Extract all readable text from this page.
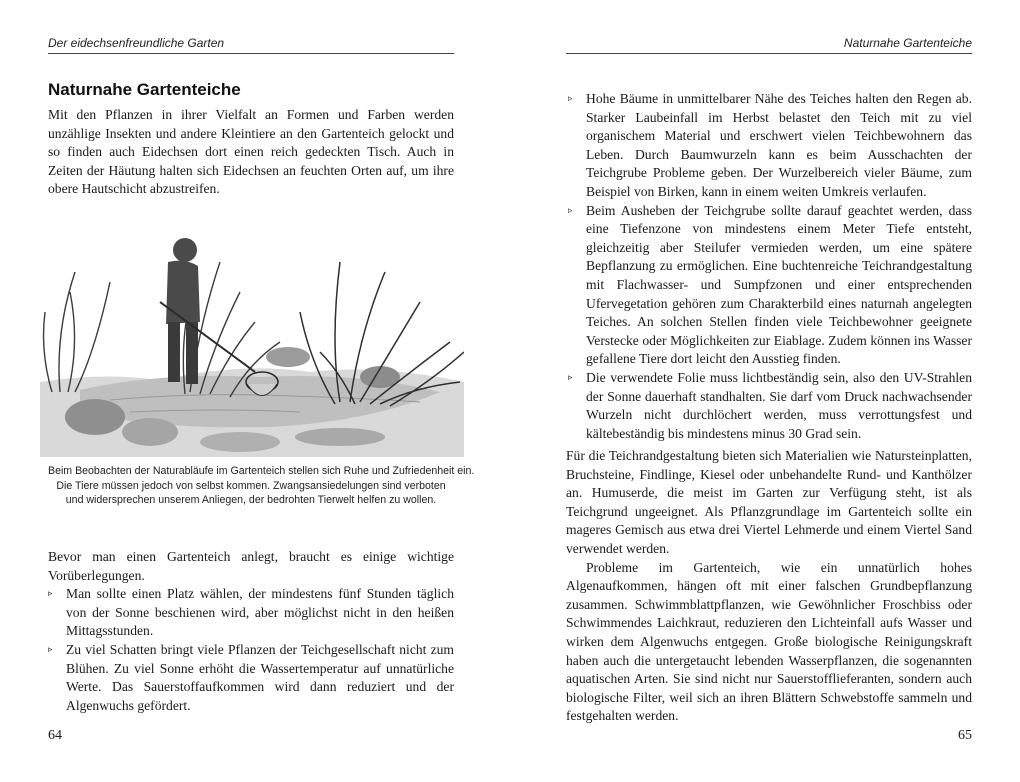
Der eidechsenfreundliche Garten
Naturnahe Gartenteiche

Mit den Pflanzen in ihrer Vielfalt an Formen und Farben werden unzählige Insekten und andere Kleintiere an den Gartenteich gelockt und so finden auch Eidechsen dort einen reich gedeckten Tisch. Auch in Zeiten der Häutung halten sich Eidechsen an feuchten Orten auf, um ihre obere Hautschicht abzustreifen.

Beim Beobachten der Naturabläufe im Gartenteich stellen sich Ruhe und Zufriedenheit ein.
Die Tiere müssen jedoch von selbst kommen. Zwangsansiedelungen sind verboten
und widersprechen unserem Anliegen, der bedrohten Tierwelt helfen zu wollen.

Bevor man einen Gartenteich anlegt, braucht es einige wichtige Vorüberlegungen.

▹ Man sollte einen Platz wählen, der mindestens fünf Stunden täglich von der Sonne beschienen wird, aber möglichst nicht in den heißen Mittagsstunden.
▹ Zu viel Schatten bringt viele Pflanzen der Teichgesellschaft nicht zum Blühen. Zu viel Sonne erhöht die Wassertemperatur auf unnatürliche Werte. Das Sauerstoffaufkommen wird dann reduziert und der Algenwuchs gefördert.
64
Naturnahe Gartenteiche
65
▹ Hohe Bäume in unmittelbarer Nähe des Teiches halten den Regen ab. Starker Laubeinfall im Herbst belastet den Teich mit zu viel organischem Material und erschwert vielen Teichbewohnern das Leben. Durch Baumwurzeln kann es beim Ausschachten der Teichgrube Probleme geben. Der Wurzelbereich vieler Bäume, zum Beispiel von Birken, kann in einem weiten Umkreis verlaufen.
▹ Beim Ausheben der Teichgrube sollte darauf geachtet werden, dass eine Tiefenzone von mindestens einem Meter Tiefe entsteht, gleichzeitig aber Steilufer vermieden werden, um eine spätere Bepflanzung zu ermöglichen. Eine buchtenreiche Teichrandgestaltung mit Flachwasser- und Sumpfzonen und einer entsprechenden Ufervegetation gehören zum Charakterbild eines naturnah angelegten Teiches. An solchen Stellen finden viele Teichbewohner geeignete Verstecke oder Möglichkeiten zur Eiablage. Zudem können ins Wasser gefallene Tiere dort leicht den Ausstieg finden.
▹ Die verwendete Folie muss lichtbeständig sein, also den UV-Strahlen der Sonne dauerhaft standhalten. Sie darf vom Druck nachwachsender Wurzeln nicht durchlöchert werden, muss verrottungsfest und kältebeständig bis mindestens minus 30 Grad sein.

Für die Teichrandgestaltung bieten sich Materialien wie Natursteinplatten, Bruchsteine, Findlinge, Kiesel oder unbehandelte Rund- und Kanthölzer an. Humuserde, die meist im Garten zur Verfügung steht, ist als Teichgrund ungeeignet. Als Pflanzgrundlage im Gartenteich sollte ein mageres Gemisch aus etwa drei Viertel Lehmerde und einem Viertel Sand verwendet werden.

Probleme im Gartenteich, wie ein unnatürlich hohes Algenaufkommen, hängen oft mit einer falschen Grundbepflanzung zusammen. Schwimmblattpflanzen, wie Gewöhnlicher Froschbiss oder Schwimmendes Laichkraut, reduzieren den Lichteinfall aufs Wasser und wirken dem Algenwuchs entgegen. Große biologische Reinigungskraft haben auch die untergetaucht lebenden Wasserpflanzen, die sogenannten aquatischen Arten. Sie sind nicht nur Sauerstofflieferanten, sondern auch biologische Filter, weil sich an ihren Blättern Schwebstoffe sammeln und festgehalten werden.
